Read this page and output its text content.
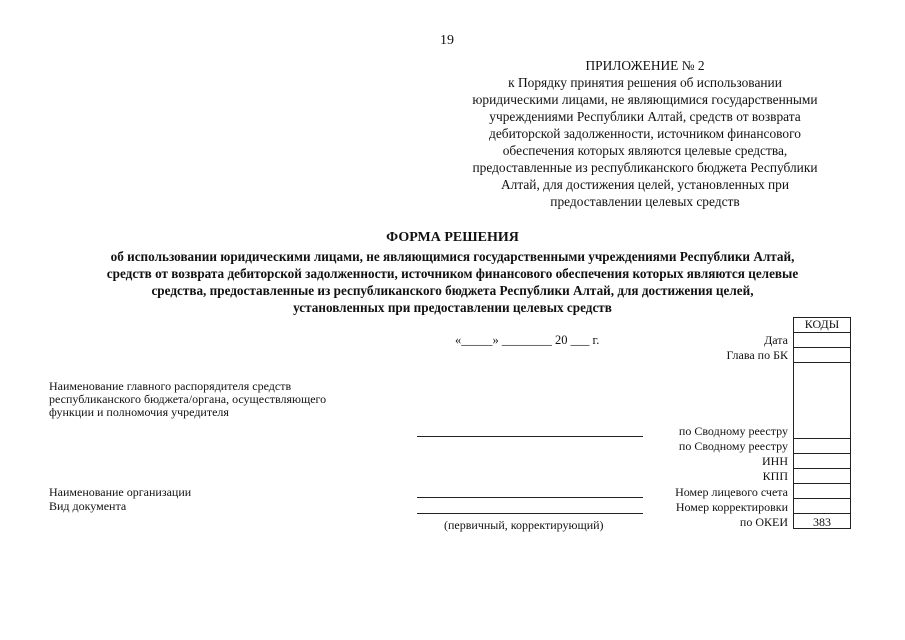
19
ПРИЛОЖЕНИЕ № 2
к Порядку принятия решения об использовании
юридическими лицами, не являющимися государственными
учреждениями Республики Алтай, средств от возврата
дебиторской задолженности, источником финансового
обеспечения которых являются целевые средства,
предоставленные из республиканского бюджета Республики
Алтай, для достижения целей, установленных при
предоставлении целевых средств
ФОРМА РЕШЕНИЯ
об использовании юридическими лицами, не являющимися государственными учреждениями Республики Алтай,
средств от возврата дебиторской задолженности, источником финансового обеспечения которых являются целевые
средства, предоставленные из республиканского бюджета Республики Алтай, для достижения целей,
установленных при предоставлении целевых средств
«_____» ________ 20 ___ г.
КОДЫ
383
Дата
Глава по БК
по Сводному реестру
по Сводному реестру
ИНН
КПП
Номер лицевого счета
Номер корректировки
по ОКЕИ
Наименование главного распорядителя средств
республиканского бюджета/органа, осуществляющего
функции и полномочия учредителя
Наименование организации
Вид документа
(первичный, корректирующий)
